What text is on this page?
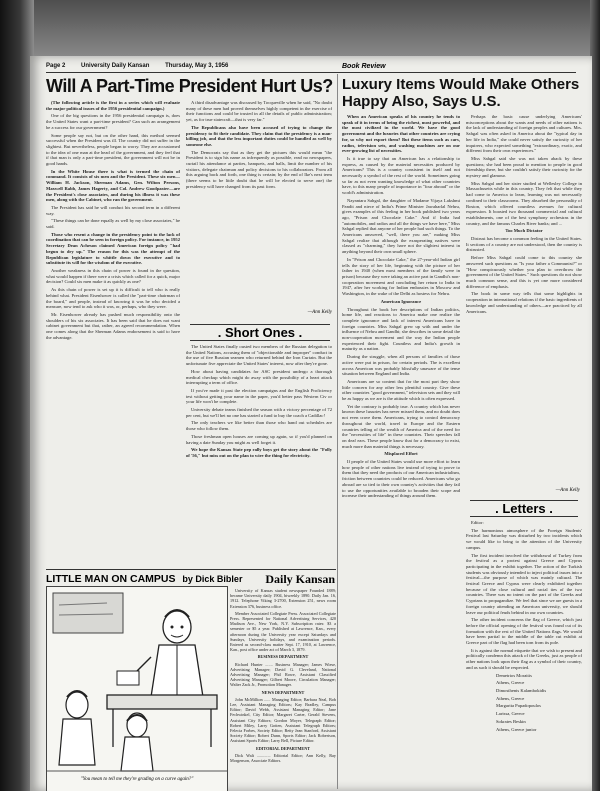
Page 2	University Daily Kansan	Thursday, May 3, 1956	Book Review
Will A Part-Time President Hurt Us?

(The following article is the first in a series which will evaluate the major political issues of the 1956 presidential campaign.)

One of the big questions in the 1956 presidential campaign is, does the United States want a part-time president? Can such an arrangement be a success for our government?

Some people say not, but on the other hand, this method seemed successful when the President was ill. The country did not suffer in the slightest. But nevertheless, people began to worry. They are accustomed to the idea of one man at the head of the government, and they feel that if that man is only a part-time president, the government will not be in good hands.

In the White House there is what is termed the chain of command. It consists of six men and the President. These six men—William H. Jackson, Sherman Adams, Gen. Wilton Persons, Maxwell Rabb, James Hagerty, and Col. Andrew Goodpaster—are the President's close associates, and during his illness it was these men, along with the Cabinet, who ran the government.

The President has said he will conduct his second term in a different way.

"These things can be done equally as well by my close associates," he said.

Those who resent a change in the presidency point to the lack of coordination that can be seen in foreign policy. For instance, in 1952 Secretary Dean Acheson claimed American foreign policy "had begun to dry up." The reason for this was the attempt of the Republican legislature to whittle down the executive and to substitute its will for the wisdom of the executive.

Another weakness in this chain of power is found in the question, what would happen if there were a crisis which called for a quick, major decision? Could six men make it as quickly as one?

As this chain of power is set up it is difficult to tell who is really behind what. President Eisenhower is called the "part-time chairman of the board," and people, instead of knowing it was he who decided a measure, now tend to ask who it was, or, perhaps, who they were.

Mr. Eisenhower already has pushed much responsibility onto the shoulders of his six associates. It has been said that he does not want cabinet government but that, rather, an agreed recommendation. When one comes along that the Sherman Adams endorsement is said to have the advantage.

A third disadvantage was discussed by Tocqueville when he said, "No doubt many of these men had proved themselves highly competent in the exercise of their functions and could be trusted in all the details of public administration; yet, as for true statecraft—that is very far."

The Republicans also have been accused of trying to change the presidency to fit their candidate. They claim that the presidency is a man-killing job, and that the less important duties could be handled as well by someone else.

The Democrats say that as they get the pictures this would mean "the President is to sign his name as infrequently as possible, read no newspapers, curtail his attendance at parties, banquets, and balls, limit the number of his visitors, delegate chairman and policy decisions to his collaborators. From all this arguing back and forth, one thing is certain; by the end of Ike's next term (there seems to be little doubt that he will be elected to serve one) the presidency will have changed from its past form.

—Ann Kelly
. Short Ones .

The United States finally ousted two members of the Russian delegation to the United Nations, accusing them of "objectionable and improper" conduct in the use of five Russian seamen who returned behind the Iron Curtain. But the unfortunate five appreciate the United States' interest, now after they're gone.

How about having candidates for ASC president undergo a thorough medical checkup which might do away with the possibility of a heart attack interrupting a term of office.

If you've made it past the election campaigns and the English Proficiency test without getting your name in the paper, you'd better pass Western Civ or your life won't be complete.

University debate teams finished the season with a victory percentage of 72 per cent, but we'll bet no one has started a fund to buy the coach a Cadillac!

The only teachers we like better than those who hand out schedules are those who follow them.

Those freshman open houses are coming up again, so if you'd planned on having a date Sunday you might as well forget it.

We hope the Kansas State pep rally boys get the story about the "Folly of '56," but miss out on the plan to wire the thing for electricity.

LITTLE MAN ON CAMPUS by Dick Bibler
"You mean to tell me they're grading on a curve again?"
Daily Kansan

University of Kansas student newspaper Founded 1889; became University daily 1904, biweekly 1890. Daily Jan. 16, 1912. Telephone Viking 3-2700, Extension 251, news room Extension 376, business office.

Member Associated Collegiate Press. Associated Collegiate Press. Represented for National Advertising Services, 420 Madison Ave., New York, N.Y. Subscription rates: $3 a semester or $5 a year. Published at Lawrence, Kan., every afternoon during the University year except Saturdays and Sundays, University holidays, and examination periods. Entered as second-class matter Sept. 17, 1910, at Lawrence, Kan., post office under act of March 3, 1879.

BUSINESS DEPARTMENT

Richard Hunter ....... Business Manager; James Wiese, Advertising Manager; David G. Cleveland, National Advertising Manager; Phil Rowe, Assistant Classified Advertising Manager; Gilbert Moore, Circulation Manager; Walter Zack Jr., Promotion Manager.

NEWS DEPARTMENT

John McMillion ...... Managing Editor; Barbara Neal, Bob Lee, Assistant Managing Editors; Kay Bradley, Campus Editor; David Webb, Assistant Managing Editor; Jane Fechwinkel, City Editor; Margaret Carter, Gerald Stevens, Assistant City Editors; Gordon Moyer, Telegraph Editor; Robert Miley, Larry Gotten, Assistant Telegraph Editors; Felecia Forbes, Society Editor; Betty Jean Stanford, Assistant Society Editor; Robert Dunn, Sports Editor; Jack Robertson, Assistant Sports Editor; Larry Bell, Picture Editor.

EDITORIAL DEPARTMENT

Dick Walt ............. Editorial Editor; Ann Kelly, Ray Morgenson, Associate Editors.

Luxury Items Would Make Others Happy Also, Says U.S.

When an American speaks of his country he tends to speak of it in terms of being the richest, most powerful, and the most civilized in the world. We have the good government and the luxuries that other countries are crying for, so why not export them? But these items such as cars, radios, television sets, and washing machines are on our ever-growing list of necessities.

Is it true to say that an American has a relationship to express, as caused by the material necessities produced by Americans? This is a country consistent in itself and not necessarily a symbol of the rest of the world. Sometimes going so far as not even wanting knowledge of what other countries have, to this many people of importance in "four abroad" or the world's administration.

Nayantara Sahgal, the daughter of Madame Vijaya Lakshmi Pandit and niece of India's Prime Minister Jawaharlal Nehru, gives examples of this feeling in her book published two years ago, "Prison and Chocolate Cake." And if India had "automobiles, and radios and all the things we have here," Miss Sahgal replied that anyone of her people had such things. To the Americans answered, "well, there you are," making Miss Sahgal realize that although the exasperating natives were classed as "charming," they have not the slightest interest in anything beyond their own small sphere.

In "Prison and Chocolate Cake," the 27-year-old Indian girl tells the story of her life, beginning with the picture of her father in 1940 (when most members of the family were in prison) because they were taking an active part in Gandhi's non-cooperation movement and concluding her return to India in 1947, after her working for Indian embassies in Moscow and Washington, in the wake of the Delhi as hostess for Nehru.

American Ignorance

Throughout the book her descriptions of Indian politics, home life, and reactions to America make one realize the complete ignorance and lack of interest Americans have in foreign countries. Miss Sahgal grew up with and under the influence of Nehru and Gandhi; she describes in some detail the non-cooperation movement and the way the Indian people experienced their fight. Countless and India's growth in maturity as a nation.

During the struggle, when all persons of families of those active were put in prison, for certain periods. The is excellent across American was probably blissfully unaware of the tense situation between England and India.

Americans are so content that for the most part they show little concern for any other less plentiful country. Give these other countries "good government," television sets and they will be as happy as we are is the attitude which is often expressed.

Yet the contrary is probably true. A country which has never known these luxuries has never missed them, and no doubt does not even crave them. Americans, trying to control democracy throughout the world, travel to Europe and the Eastern countries telling of the wealth of America and of the need for the "necessities of life" in these countries. Their speeches fall on deaf ears. These people know that for a democracy to exist, much more than material things is necessary.

Misplaced Effort

If people of the United States would use more effort to learn how people of other nations live instead of trying to prove to them that they need the products of our American industrialism, friction between countries could be reduced. Americans who go abroad are so tied to their own country's activities that they fail to use the opportunities available to broaden their scope and increase their understanding of things around them.

Perhaps the basic cause underlying Americans' misconceptions about the wants and needs of other nations is the lack of understanding of foreign peoples and cultures. Mrs. Sahgal was often asked in America about the "typical day in her life in India," she could never satisfy the curiosity of her inquirers, who expected something "extraordinary, exotic, and different from their own experiences."

Miss Sahgal said she was not taken aback by these questions; she had been proud to mention to people in good friendship there, but she couldn't satisfy their curiosity for the mystery and glamour.

Miss Sahgal and her sister studied at Wellesley College in Massachusetts while in this country. They felt that while they had come to America to learn, learning was not necessarily confined to their classrooms. They absorbed the personality of Boston, which offered countless avenues for cultural expression. It boasted two thousand commercial and cultural establishments, one of the best symphony orchestras in the country, and the famous Charles River banks; and ...

Too Much Dictator

Distrust has become a common feeling in the United States. It sections of a country are not understood, then the country is distrusted.

Before Miss Sahgal could come to this country she answered such questions as "Is your father a Communist?" or "How conspicuously whether you plan to overthrow the government of the United States." Such questions do not show much common sense, and this is yet one more considered difference of emphasis.

The book in some way tells that some highlights in cooperation in international relations if the basic ingredients of knowledge and understanding of others—are practiced by all Americans.

—Ann Kelly
. Letters .

Editor:

The harmonious atmosphere of the Foreign Students' Festival last Saturday was disturbed by two incidents which we would like to bring to the attention of the University campus.

The first incident involved the withdrawal of Turkey from the festival as a protest against Greece and Cyprus participating in the exhibit together. The action of the Turkish students was obviously intended to inject political issues into a festival—the purpose of which was mainly cultural. The festival Greece and Cyprus were clearly exhibited together because of the close cultural and racial ties of the two countries. There was no intent on the part of the Greeks and Cyprians to propagandize. We feel that since we are guests in a foreign country attending an American university, we should leave our political feuds behind in our own countries.

The other incident concerns the flag of Greece, which just before the official opening of the festival was found cut of its formation with the rest of the United Nations flags. We would have been partial to the middle of the table cut exhibit at Greece part of the flag had been torn from its pole.

It is against the normal etiquette that we wish to present and politically condemn this attack of the Greeks, just as people of other nations look upon their flag as a symbol of their country, and as such it should be respected.

Demetrios Moraitis

Athens, Greece

Dimosthenis Kalambokidis

Athens, Greece

Margarita Papadopoulos

Larissa, Greece

Sokrates Beskin

Athens, Greece junior
